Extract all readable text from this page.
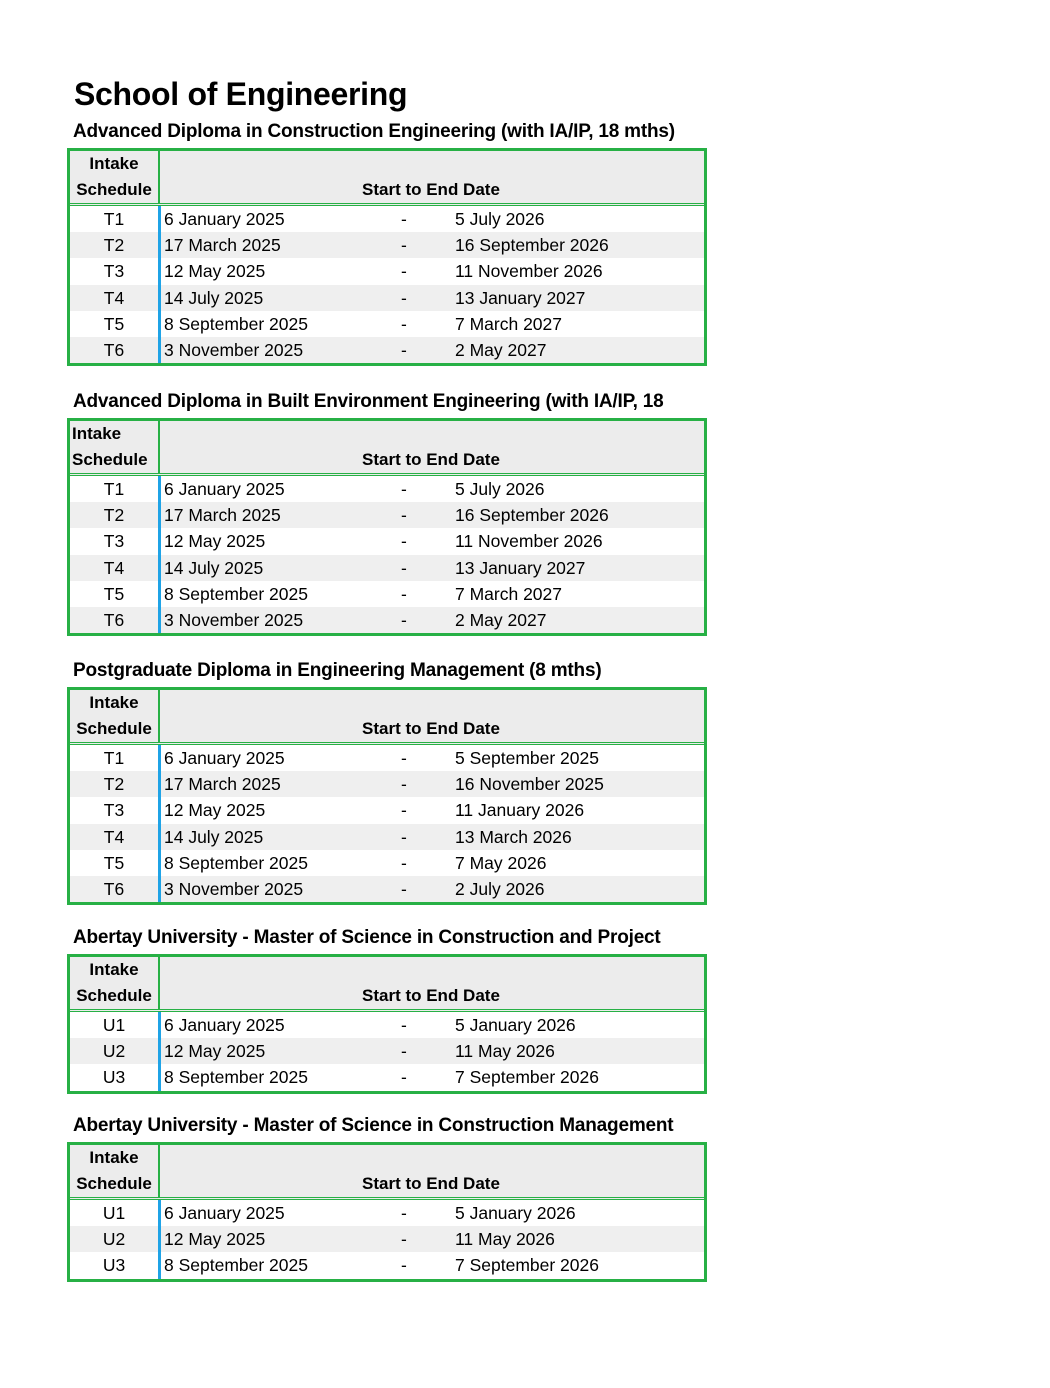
School of Engineering
Advanced Diploma in Construction Engineering (with IA/IP, 18 mths)
Intake
Schedule	Start to End Date
T1	6 January 2025	-	5 July 2026
T2	17 March 2025	-	16 September 2026
T3	12 May 2025	-	11 November 2026
T4	14 July 2025	-	13 January 2027
T5	8 September 2025	-	7 March 2027
T6	3 November 2025	-	2 May 2027
Advanced Diploma in Built Environment Engineering (with IA/IP, 18
Intake
Schedule	Start to End Date
T1	6 January 2025	-	5 July 2026
T2	17 March 2025	-	16 September 2026
T3	12 May 2025	-	11 November 2026
T4	14 July 2025	-	13 January 2027
T5	8 September 2025	-	7 March 2027
T6	3 November 2025	-	2 May 2027
Postgraduate Diploma in Engineering Management (8 mths)
Intake
Schedule	Start to End Date
T1	6 January 2025	-	5 September 2025
T2	17 March 2025	-	16 November 2025
T3	12 May 2025	-	11 January 2026
T4	14 July 2025	-	13 March 2026
T5	8 September 2025	-	7 May 2026
T6	3 November 2025	-	2 July 2026
Abertay University - Master of Science in Construction and Project
Intake
Schedule	Start to End Date
U1	6 January 2025	-	5 January 2026
U2	12 May 2025	-	11 May 2026
U3	8 September 2025	-	7 September 2026
Abertay University - Master of Science in Construction Management
Intake
Schedule	Start to End Date
U1	6 January 2025	-	5 January 2026
U2	12 May 2025	-	11 May 2026
U3	8 September 2025	-	7 September 2026
